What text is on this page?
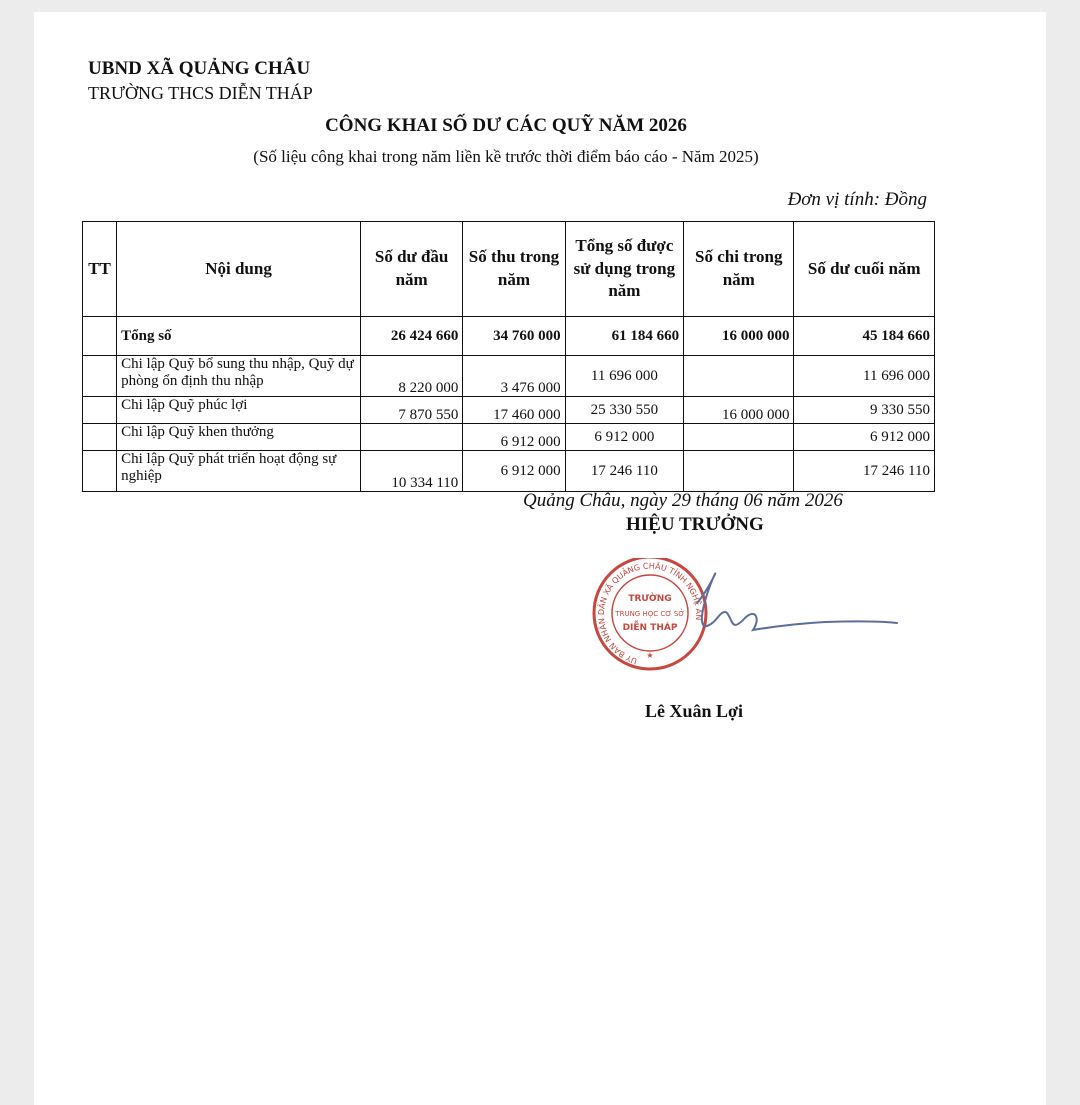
UBND XÃ QUẢNG CHÂU
TRƯỜNG THCS DIỄN THÁP
CÔNG KHAI SỐ DƯ CÁC QUỸ NĂM 2026
(Số liệu công khai trong năm liền kề trước thời điểm báo cáo - Năm 2025)
Đơn vị tính: Đồng
TT	Nội dung	Số dư đầu năm	Số thu trong năm	Tổng số được sử dụng trong năm	Số chi trong năm	Số dư cuối năm
	Tổng số	26 424 660	34 760 000	61 184 660	16 000 000	45 184 660
	Chi lập Quỹ bổ sung thu nhập, Quỹ dự phòng ổn định thu nhập	8 220 000	3 476 000	11 696 000		11 696 000
	Chi lập Quỹ phúc lợi	7 870 550	17 460 000	25 330 550	16 000 000	9 330 550
	Chi lập Quỹ khen thưởng		6 912 000	6 912 000		6 912 000
	Chi lập Quỹ phát triển hoạt động sự nghiệp	10 334 110	6 912 000	17 246 110		17 246 110
Quảng Châu, ngày 29 tháng 06 năm 2026
HIỆU TRƯỞNG
UỶ BAN NHÂN DÂN XÃ QUẢNG CHÂU TỈNH NGHỆ AN
TRƯỜNG
TRUNG HỌC CƠ SỞ
DIỄN THÁP
★
Lê Xuân Lợi
